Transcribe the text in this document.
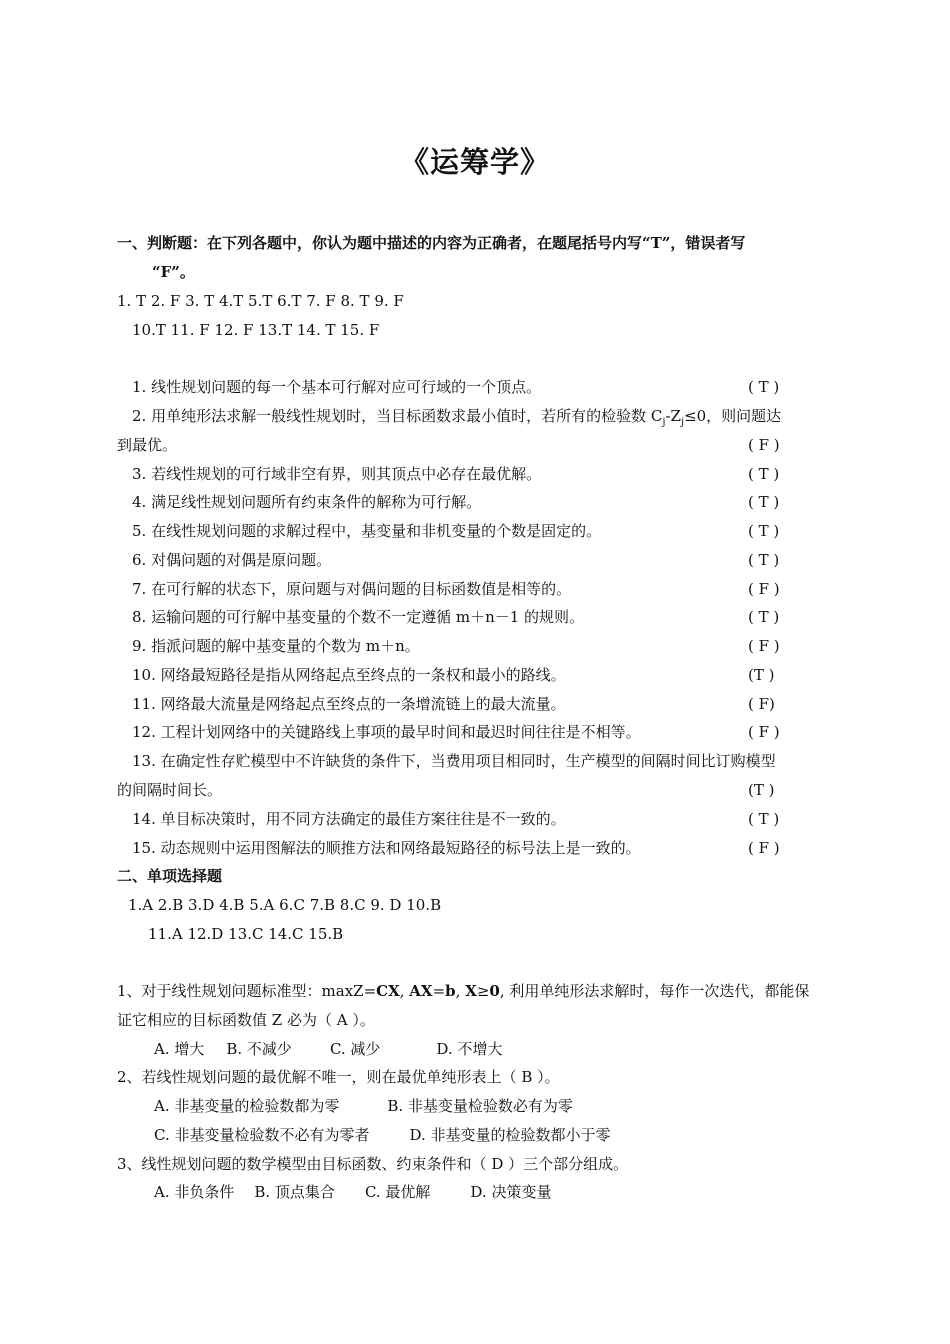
《运筹学》
一、判断题：在下列各题中，你认为题中描述的内容为正确者，在题尾括号内写“T”，错误者写
“F”。
1. T 2. F 3. T 4.T 5.T 6.T 7. F 8. T 9. F
10.T 11. F 12. F 13.T 14. T 15. F
1. 线性规划问题的每一个基本可行解对应可行域的一个顶点。	( T )
2. 用单纯形法求解一般线性规划时，当目标函数求最小值时，若所有的检验数 $C_j-Z_j\le 0$，则问题达
到最优。	( F )
3. 若线性规划的可行域非空有界，则其顶点中必存在最优解。	( T )
4. 满足线性规划问题所有约束条件的解称为可行解。	( T )
5. 在线性规划问题的求解过程中，基变量和非机变量的个数是固定的。	( T )
6. 对偶问题的对偶是原问题。	( T )
7. 在可行解的状态下，原问题与对偶问题的目标函数值是相等的。	( F )
8. 运输问题的可行解中基变量的个数不一定遵循 m＋n－1 的规则。	( T )
9. 指派问题的解中基变量的个数为 m＋n。	( F )
10. 网络最短路径是指从网络起点至终点的一条权和最小的路线。	(T )
11. 网络最大流量是网络起点至终点的一条增流链上的最大流量。	( F)
12. 工程计划网络中的关键路线上事项的最早时间和最迟时间往往是不相等。	( F )
13. 在确定性存贮模型中不许缺货的条件下，当费用项目相同时，生产模型的间隔时间比订购模型
的间隔时间长。	(T )
14. 单目标决策时，用不同方法确定的最佳方案往往是不一致的。	( T )
15. 动态规则中运用图解法的顺推方法和网络最短路径的标号法上是一致的。	( F )
二、单项选择题
1.A 2.B 3.D 4.B 5.A 6.C 7.B 8.C 9. D 10.B
11.A 12.D 13.C 14.C 15.B
1、对于线性规划问题标准型：maxZ=CX, AX=b, X≥0, 利用单纯形法求解时，每作一次迭代，都能保
证它相应的目标函数值 Z 必为（ A ）。
A. 增大 B. 不减少	C. 减少	D. 不增大
2、若线性规划问题的最优解不唯一，则在最优单纯形表上（ B ）。
A. 非基变量的检验数都为零	B. 非基变量检验数必有为零
C. 非基变量检验数不必有为零者	D. 非基变量的检验数都小于零
3、线性规划问题的数学模型由目标函数、约束条件和（ D ）三个部分组成。
A. 非负条件 B. 顶点集合 C. 最优解	D. 决策变量
